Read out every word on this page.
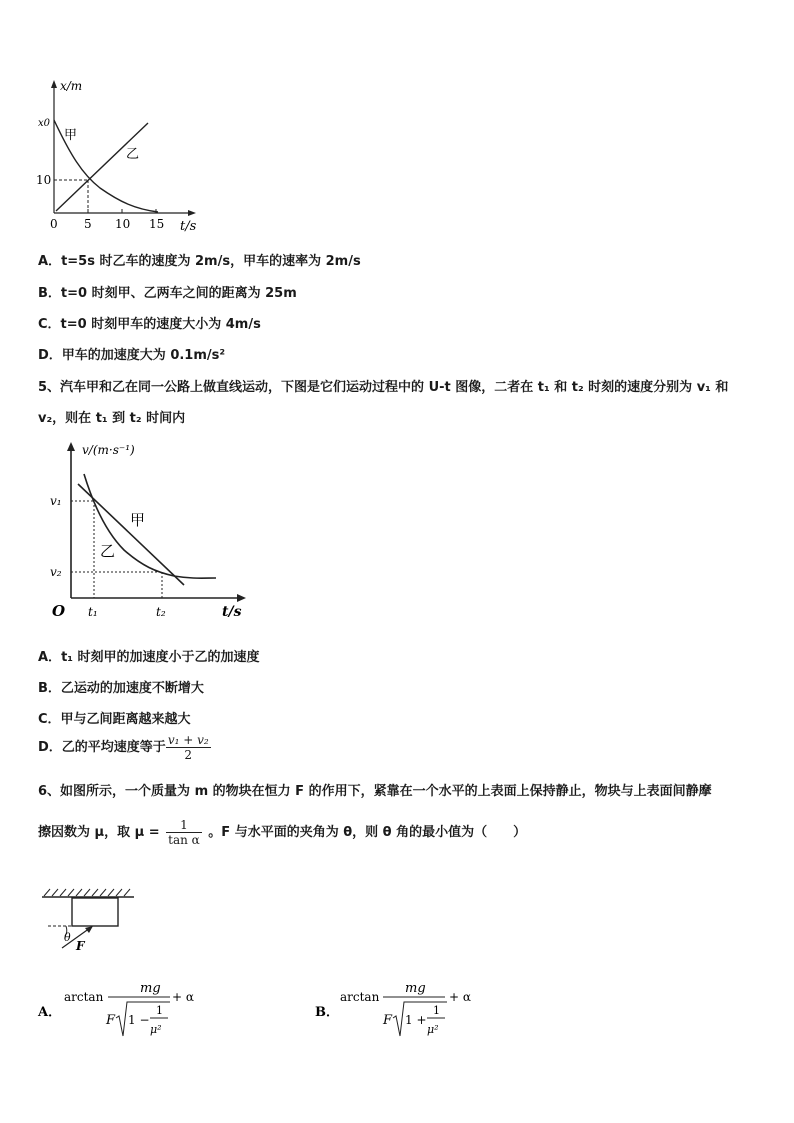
x/m
x0
10
甲
乙
0 5 10 15 t/s
A．t=5s 时乙车的速度为 2m/s，甲车的速率为 2m/s
B．t=0 时刻甲、乙两车之间的距离为 25m
C．t=0 时刻甲车的速度大小为 4m/s
D．甲车的加速度大为 0.1m/s²
5、汽车甲和乙在同一公路上做直线运动，下图是它们运动过程中的 U-t 图像，二者在 t₁ 和 t₂ 时刻的速度分别为 v₁ 和
v₂，则在 t₁ 到 t₂ 时间内
v/(m·s⁻¹)
v₁
v₂
甲
乙
O t₁	t₂	t/s
A．t₁ 时刻甲的加速度小于乙的加速度
B．乙运动的加速度不断增大
C．甲与乙间距离越来越大
D．乙的平均速度等于 $\frac{\text{v₁ + v₂}}{2}$
6、如图所示，一个质量为 m 的物块在恒力 F 的作用下，紧靠在一个水平的上表面上保持静止，物块与上表面间静摩
擦因数为 μ，取 $\mu = \frac{1}{\text{tan α}}$ 。F 与水平面的夹角为 θ，则 θ 角的最小值为（　　）
θ
F
A．
arctan
mg
F 1 −
1
μ²
+ α
B．
arctan
mg
F 1 +
1
μ²
+ α
